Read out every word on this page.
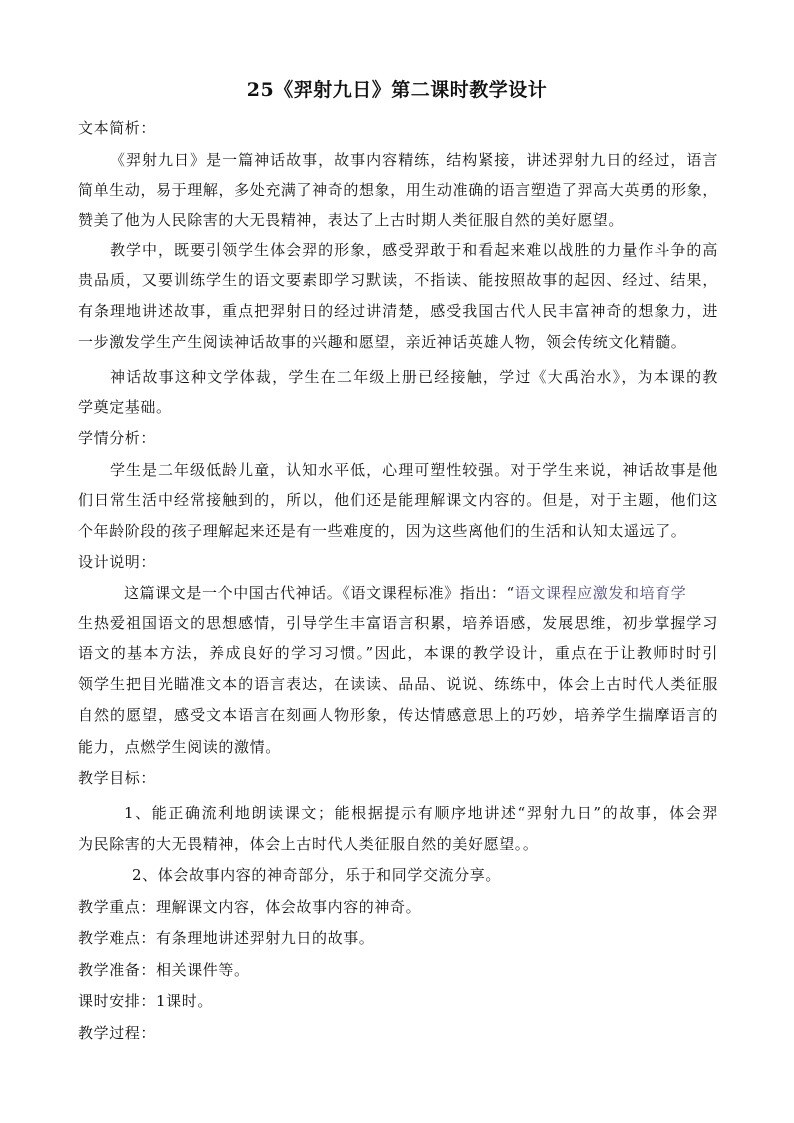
25《羿射九日》第二课时教学设计
文本简析：
《羿射九日》是一篇神话故事，故事内容精练，结构紧接，讲述羿射九日的经过，语言
简单生动，易于理解，多处充满了神奇的想象，用生动准确的语言塑造了羿高大英勇的形象，
赞美了他为人民除害的大无畏精神，表达了上古时期人类征服自然的美好愿望。
教学中，既要引领学生体会羿的形象，感受羿敢于和看起来难以战胜的力量作斗争的高
贵品质，又要训练学生的语文要素即学习默读，不指读、能按照故事的起因、经过、结果，
有条理地讲述故事，重点把羿射日的经过讲清楚，感受我国古代人民丰富神奇的想象力，进
一步激发学生产生阅读神话故事的兴趣和愿望，亲近神话英雄人物，领会传统文化精髓。
神话故事这种文学体裁，学生在二年级上册已经接触，学过《大禹治水》，为本课的教
学奠定基础。
学情分析：
学生是二年级低龄儿童，认知水平低，心理可塑性较强。对于学生来说，神话故事是他
们日常生活中经常接触到的，所以，他们还是能理解课文内容的。但是，对于主题，他们这
个年龄阶段的孩子理解起来还是有一些难度的，因为这些离他们的生活和认知太遥远了。
设计说明：
这篇课文是一个中国古代神话。《语文课程标准》指出：“语文课程应激发和培育学
生热爱祖国语文的思想感情，引导学生丰富语言积累，培养语感，发展思维，初步掌握学习
语文的基本方法，养成良好的学习习惯。”因此，本课的教学设计，重点在于让教师时时引
领学生把目光瞄准文本的语言表达，在读读、品品、说说、练练中，体会上古时代人类征服
自然的愿望，感受文本语言在刻画人物形象，传达情感意思上的巧妙，培养学生揣摩语言的
能力，点燃学生阅读的激情。
教学目标：
1、能正确流利地朗读课文；能根据提示有顺序地讲述“羿射九日”的故事，体会羿
为民除害的大无畏精神，体会上古时代人类征服自然的美好愿望。。
2、体会故事内容的神奇部分，乐于和同学交流分享。
教学重点：理解课文内容，体会故事内容的神奇。
教学难点：有条理地讲述羿射九日的故事。
教学准备：相关课件等。
课时安排：1课时。
教学过程：
